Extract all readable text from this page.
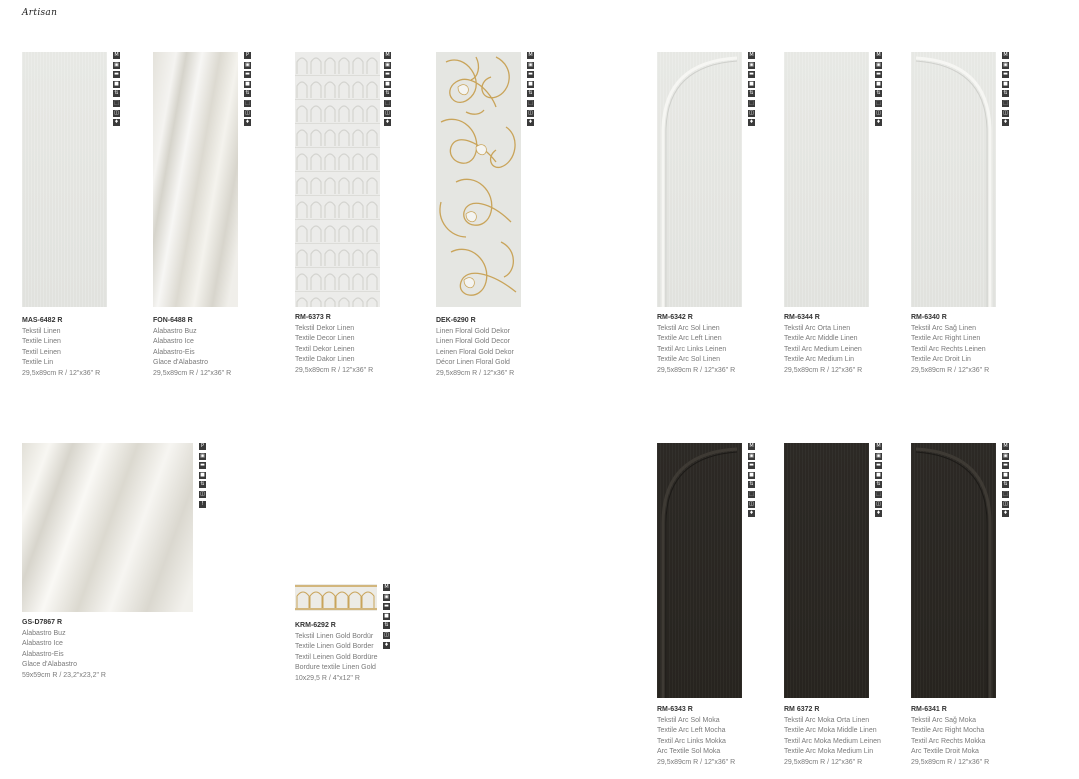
Artisan
M
▣
▬
■
⇅
⬚
◫
♦
MAS-6482 R
Tekstil Linen
Textile Linen
Textil Leinen
Textile Lin
29,5x89cm R / 12"x36" R
P
▣
▬
■
⇅
⬚
◫
♦
FON-6488 R
Alabastro Buz
Alabastro Ice
Alabastro-Eis
Glace d'Alabastro
29,5x89cm R / 12"x36" R
M
▣
▬
■
⇅
⬚
◫
♦
RM-6373 R
Tekstil Dekor Linen
Textile Decor Linen
Textil Dekor Leinen
Textile Dakor Linen
29,5x89cm R / 12"x36" R
M
▣
▬
■
⇅
⬚
◫
♦
DEK-6290 R
Linen Floral Gold Dekor
Linen Floral Gold Decor
Leinen Floral Gold Dekor
Décor Linen Floral Gold
29,5x89cm R / 12"x36" R
M
▣
▬
■
⇅
⬚
◫
♦
RM-6342 R
Tekstil Arc Sol Linen
Textile Arc Left Linen
Textil Arc Links Leinen
Textile Arc Sol Linen
29,5x89cm R / 12"x36" R
M
▣
▬
■
⇅
⬚
◫
♦
RM-6344 R
Tekstil Arc Orta Linen
Textile Arc Middle Linen
Textil Arc Medium Leinen
Textile Arc Medium Lin
29,5x89cm R / 12"x36" R
M
▣
▬
■
⇅
⬚
◫
♦
RM-6340 R
Tekstil Arc Sağ Linen
Textile Arc Right Linen
Textil Arc Rechts Leinen
Textile Arc Droit Lin
29,5x89cm R / 12"x36" R
P
▣
▬
■
⇅
◫
!
GS-D7867 R
Alabastro Buz
Alabastro Ice
Alabastro-Eis
Glace d'Alabastro
59x59cm R / 23,2"x23,2" R
M
▣
▬
■
⇅
◫
♦
KRM-6292 R
Tekstil Linen Gold Bordür
Textile Linen Gold Border
Textil Leinen Gold Bordüre
Bordure textile Linen Gold
10x29,5 R / 4"x12" R
M
▣
▬
■
⇅
⬚
◫
♦
RM-6343 R
Tekstil Arc Sol Moka
Textile Arc Left Mocha
Textil Arc Links Mokka
Arc Textile Sol Moka
29,5x89cm R / 12"x36" R
M
▣
▬
■
⇅
⬚
◫
♦
RM 6372 R
Tekstil Arc Moka Orta Linen
Textile Arc Moka Middle Linen
Textil Arc Moka Medium Leinen
Textile Arc Moka Medium Lin
29,5x89cm R / 12"x36" R
M
▣
▬
■
⇅
⬚
◫
♦
RM-6341 R
Tekstil Arc Sağ Moka
Textile Arc Right Mocha
Textil Arc Rechts Mokka
Arc Textile Droit Moka
29,5x89cm R / 12"x36" R
